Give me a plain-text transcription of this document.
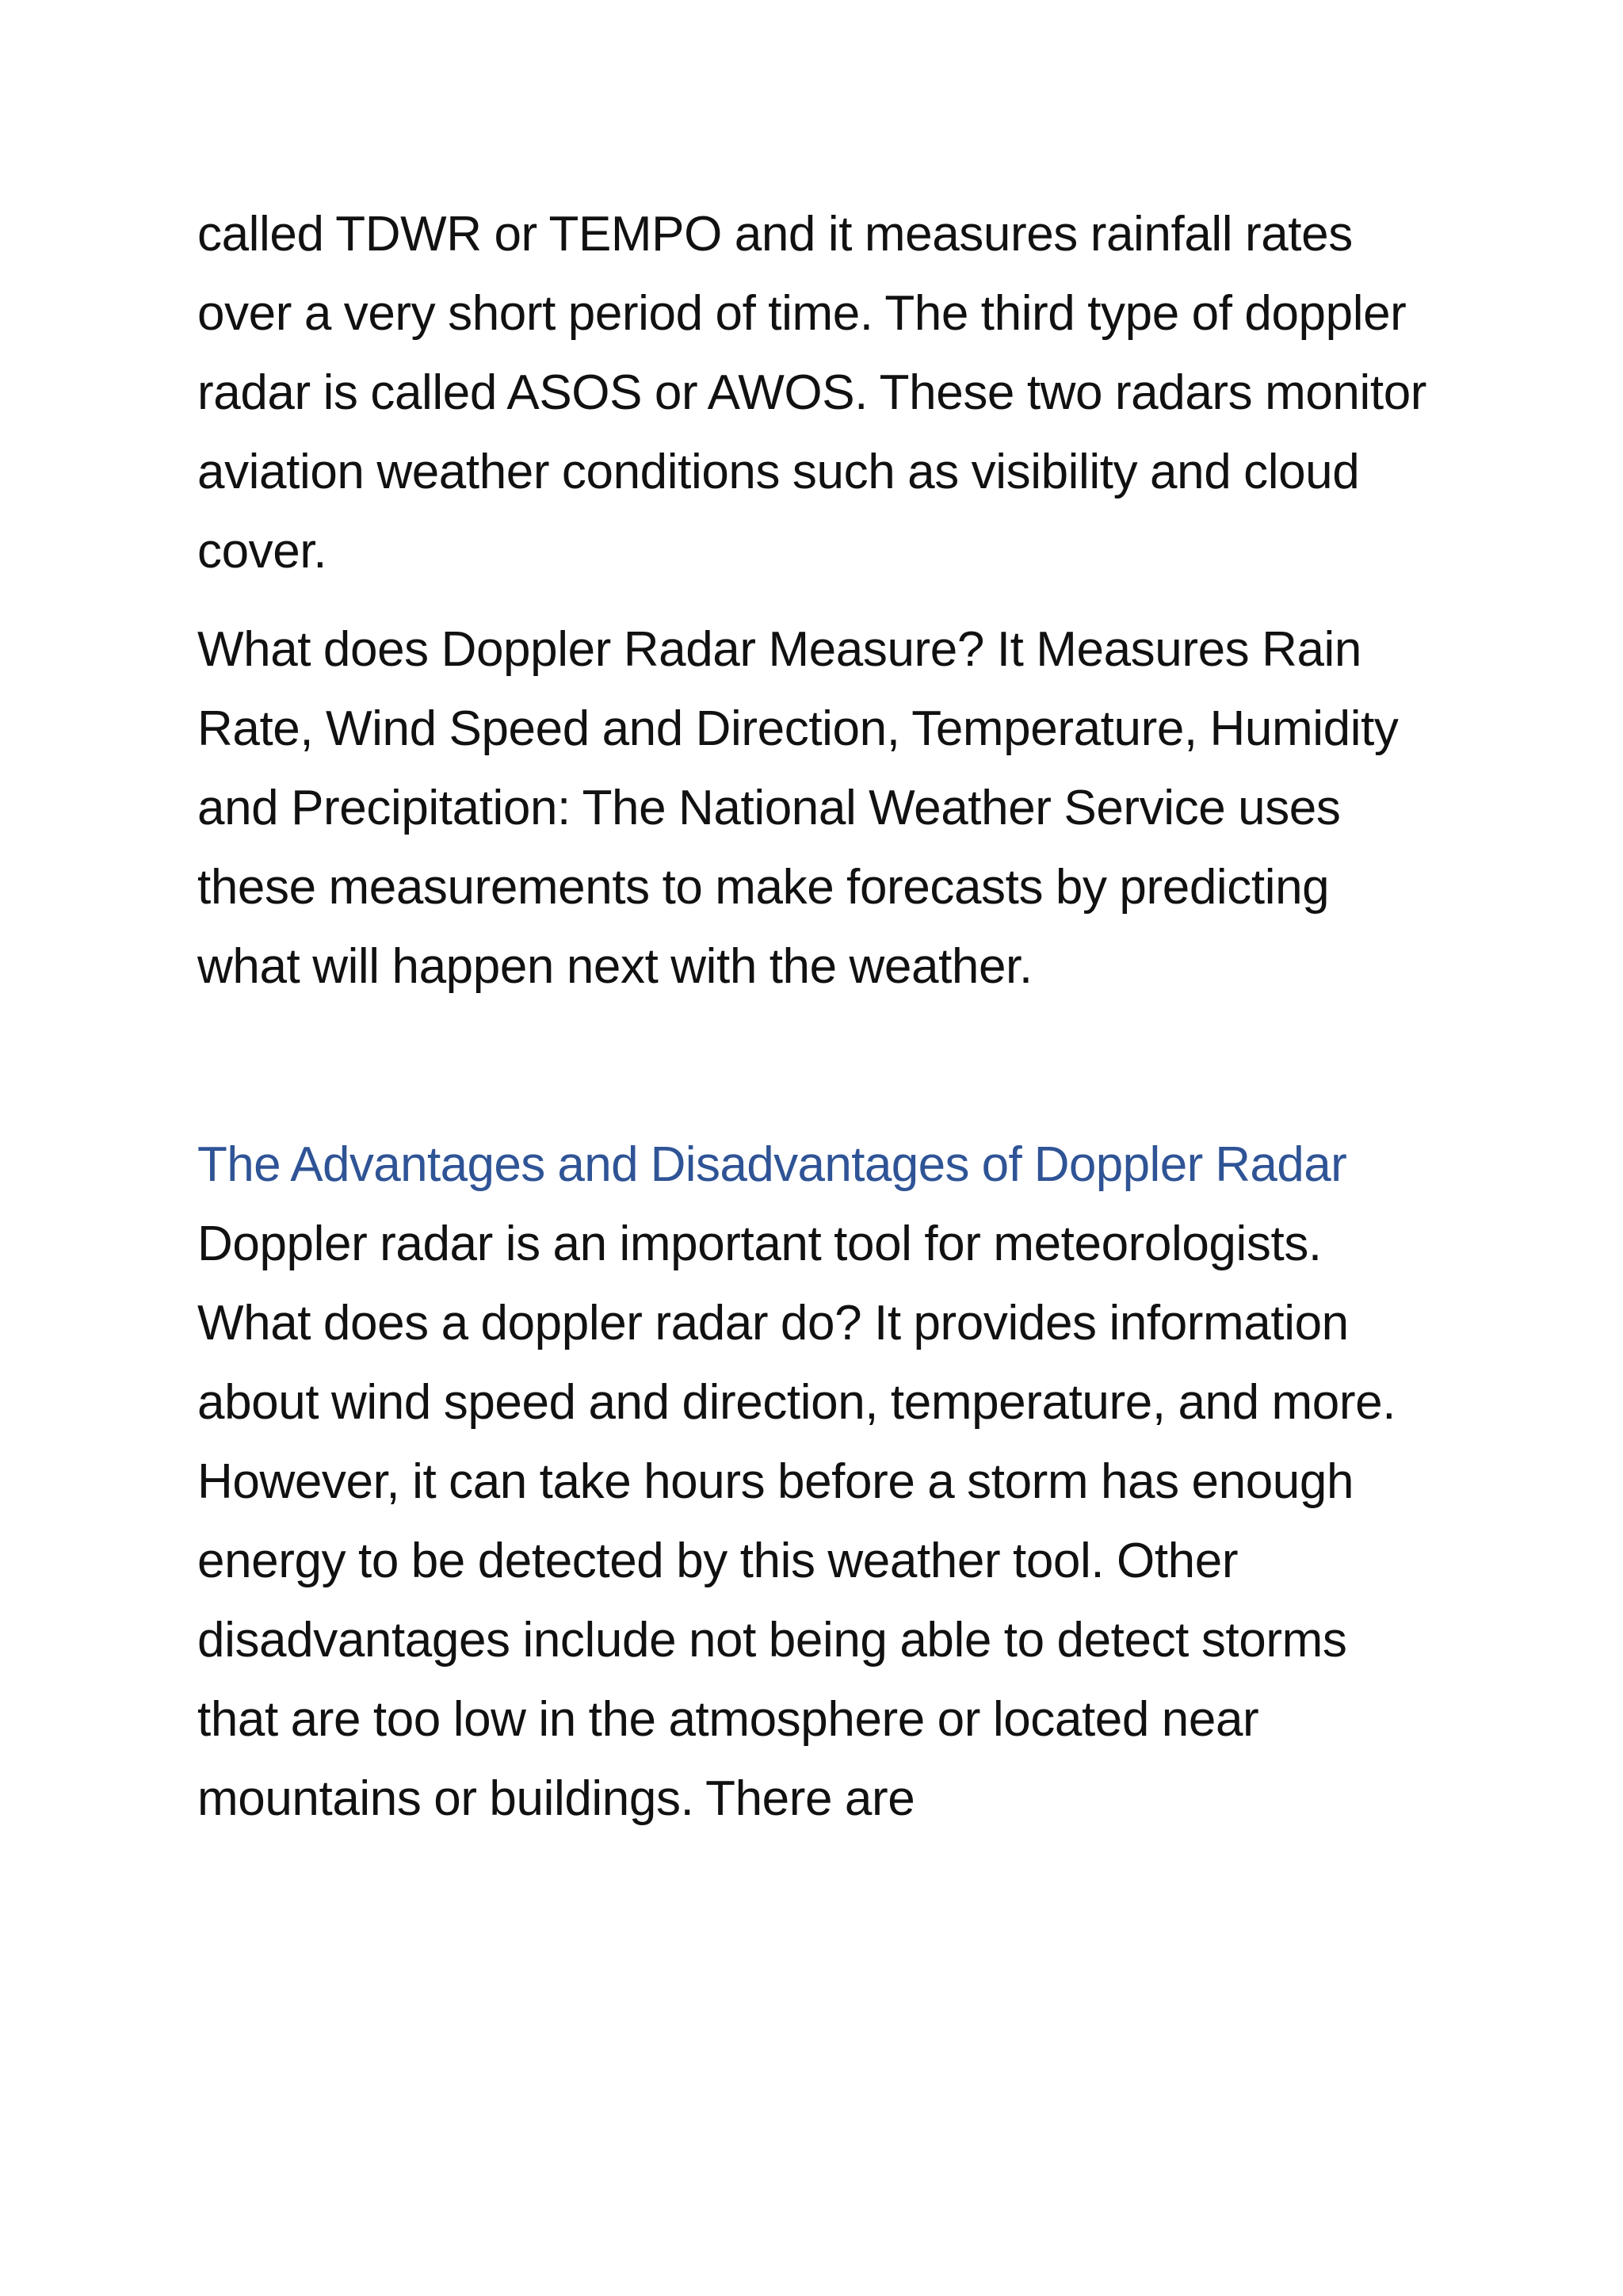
called TDWR or TEMPO and it measures rainfall rates over a very short period of time. The third type of doppler radar is called ASOS or AWOS. These two radars monitor aviation weather conditions such as visibility and cloud cover.

What does Doppler Radar Measure? It Measures Rain Rate, Wind Speed and Direction, Temperature, Humidity and Precipitation: The National Weather Service uses these measurements to make forecasts by predicting what will happen next with the weather.

The Advantages and Disadvantages of Doppler Radar

Doppler radar is an important tool for meteorologists. What does a doppler radar do? It provides information about wind speed and direction, temperature, and more. However, it can take hours before a storm has enough energy to be detected by this weather tool. Other disadvantages include not being able to detect storms that are too low in the atmosphere or located near mountains or buildings. There are
